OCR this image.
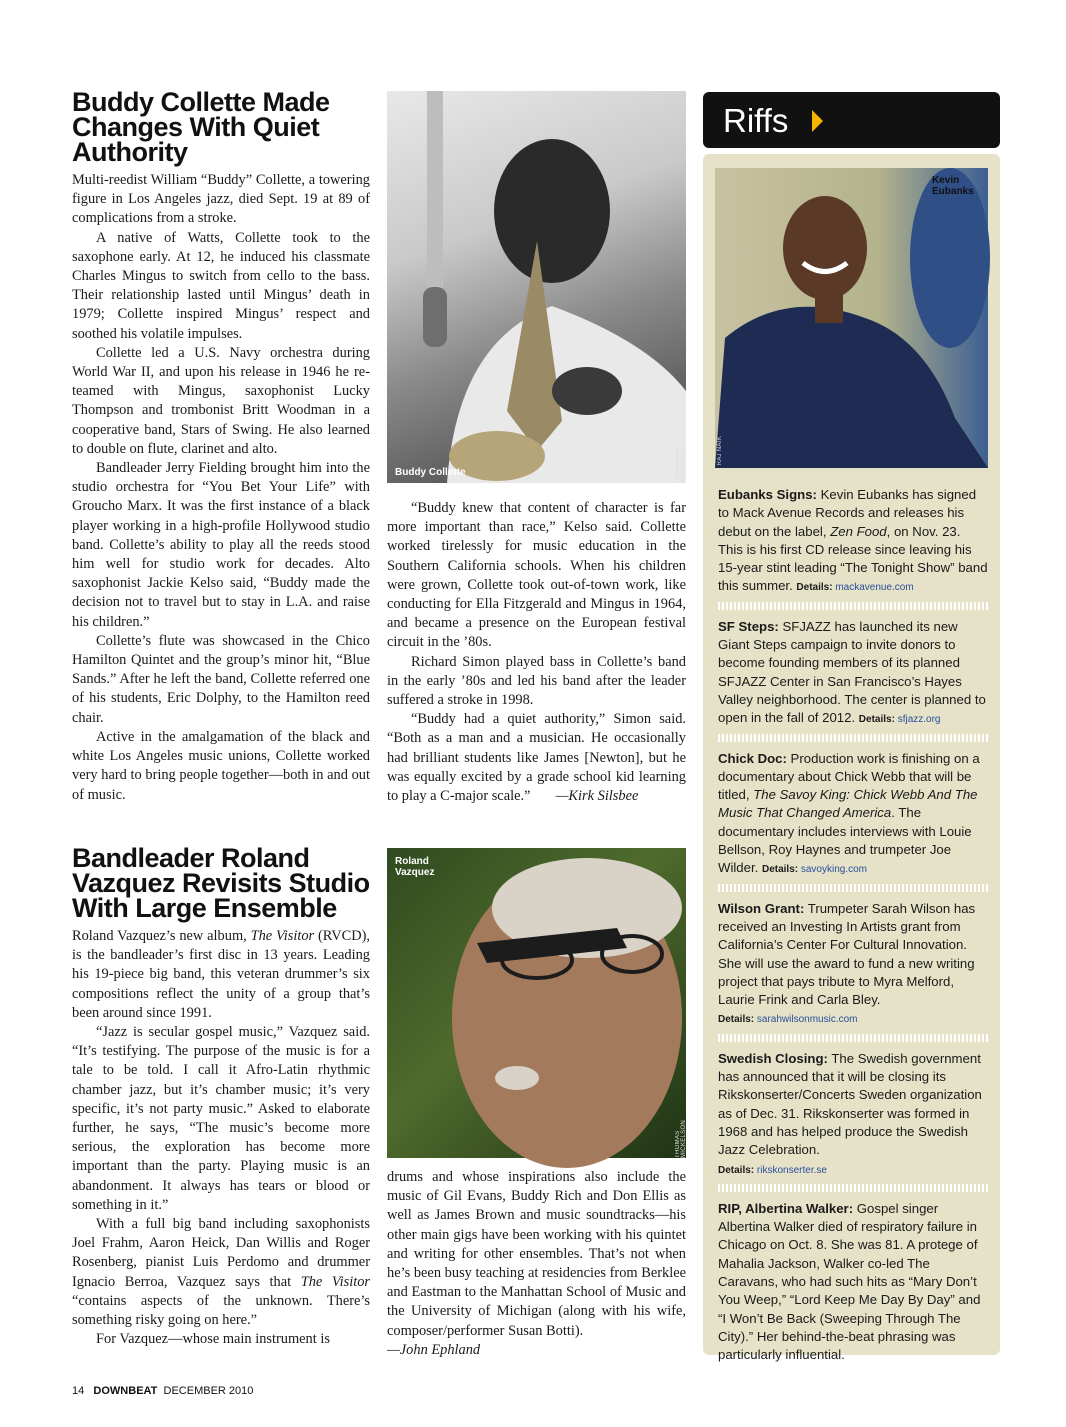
Buddy Collette Made Changes With Quiet Authority

Multi-reedist William “Buddy” Collette, a towering figure in Los Angeles jazz, died Sept. 19 at 89 of complications from a stroke.

A native of Watts, Collette took to the saxophone early. At 12, he induced his classmate Charles Mingus to switch from cello to the bass. Their relationship lasted until Mingus’ death in 1979; Collette inspired Mingus’ respect and soothed his volatile impulses.

Collette led a U.S. Navy orchestra during World War II, and upon his release in 1946 he re-teamed with Mingus, saxophonist Lucky Thompson and trombonist Britt Woodman in a cooperative band, Stars of Swing. He also learned to double on flute, clarinet and alto.

Bandleader Jerry Fielding brought him into the studio orchestra for “You Bet Your Life” with Groucho Marx. It was the first instance of a black player working in a high-profile Hollywood studio band. Collette’s ability to play all the reeds stood him well for studio work for decades. Alto saxophonist Jackie Kelso said, “Buddy made the decision not to travel but to stay in L.A. and raise his children.”

Collette’s flute was showcased in the Chico Hamilton Quintet and the group’s minor hit, “Blue Sands.” After he left the band, Collette referred one of his students, Eric Dolphy, to the Hamilton reed chair.

Active in the amalgamation of the black and white Los Angeles music unions, Collette worked very hard to bring people together—both in and out of music.

Buddy Collette	DOWNBEAT ARCHIVES

“Buddy knew that content of character is far more important than race,” Kelso said. Collette worked tirelessly for music education in the Southern California schools. When his children were grown, Collette took out-of-town work, like conducting for Ella Fitzgerald and Mingus in 1964, and became a presence on the European festival circuit in the ’80s.

Richard Simon played bass in Collette’s band in the early ’80s and led his band after the leader suffered a stroke in 1998.

“Buddy had a quiet authority,” Simon said. “Both as a man and a musician. He occasionally had brilliant students like James [Newton], but he was equally excited by a grade school kid learning to play a C-major scale.” —Kirk Silsbee

Bandleader Roland Vazquez Revisits Studio With Large Ensemble

Roland Vazquez’s new album, The Visitor (RVCD), is the bandleader’s first disc in 13 years. Leading his 19-piece big band, this veteran drummer’s six compositions reflect the unity of a group that’s been around since 1991.

“Jazz is secular gospel music,” Vazquez said. “It’s testifying. The purpose of the music is for a tale to be told. I call it Afro-Latin rhythmic chamber jazz, but it’s chamber music; it’s very specific, it’s not party music.” Asked to elaborate further, he says, “The music’s become more serious, the exploration has become more important than the party. Playing music is an abandonment. It always has tears or blood or something in it.”

With a full big band including saxophonists Joel Frahm, Aaron Heick, Dan Willis and Roger Rosenberg, pianist Luis Perdomo and drummer Ignacio Berroa, Vazquez says that The Visitor “contains aspects of the unknown. There’s something risky going on here.”

For Vazquez—whose main instrument is

Roland Vazquez
THOMAS MICKELSON

drums and whose inspirations also include the music of Gil Evans, Buddy Rich and Don Ellis as well as James Brown and music soundtracks—his other main gigs have been working with his quintet and writing for other ensembles. That’s not when he’s been busy teaching at residencies from Berklee and Eastman to the Manhattan School of Music and the University of Michigan (along with his wife, composer/performer Susan Botti).

—John Ephland

Riffs
Kevin Eubanks
RAJ NAIK

Eubanks Signs: Kevin Eubanks has signed to Mack Avenue Records and releases his debut on the label, Zen Food, on Nov. 23. This is his first CD release since leaving his 15-year stint leading “The Tonight Show” band this summer. Details: mackavenue.com

SF Steps: SFJAZZ has launched its new Giant Steps campaign to invite donors to become founding members of its planned SFJAZZ Center in San Francisco’s Hayes Valley neighborhood. The center is planned to open in the fall of 2012. Details: sfjazz.org

Chick Doc: Production work is finishing on a documentary about Chick Webb that will be titled, The Savoy King: Chick Webb And The Music That Changed America. The documentary includes interviews with Louie Bellson, Roy Haynes and trumpeter Joe Wilder. Details: savoyking.com

Wilson Grant: Trumpeter Sarah Wilson has received an Investing In Artists grant from California’s Center For Cultural Innovation. She will use the award to fund a new writing project that pays tribute to Myra Melford, Laurie Frink and Carla Bley.
Details: sarahwilsonmusic.com

Swedish Closing: The Swedish government has announced that it will be closing its Rikskonserter/Concerts Sweden organization as of Dec. 31. Rikskonserter was formed in 1968 and has helped produce the Swedish Jazz Celebration.
Details: rikskonserter.se

RIP, Albertina Walker: Gospel singer Albertina Walker died of respiratory failure in Chicago on Oct. 8. She was 81. A protege of Mahalia Jackson, Walker co-led The Caravans, who had such hits as “Mary Don’t You Weep,” “Lord Keep Me Day By Day” and “I Won’t Be Back (Sweeping Through The City).” Her behind-the-beat phrasing was particularly influential.

14 DOWNBEAT DECEMBER 2010
